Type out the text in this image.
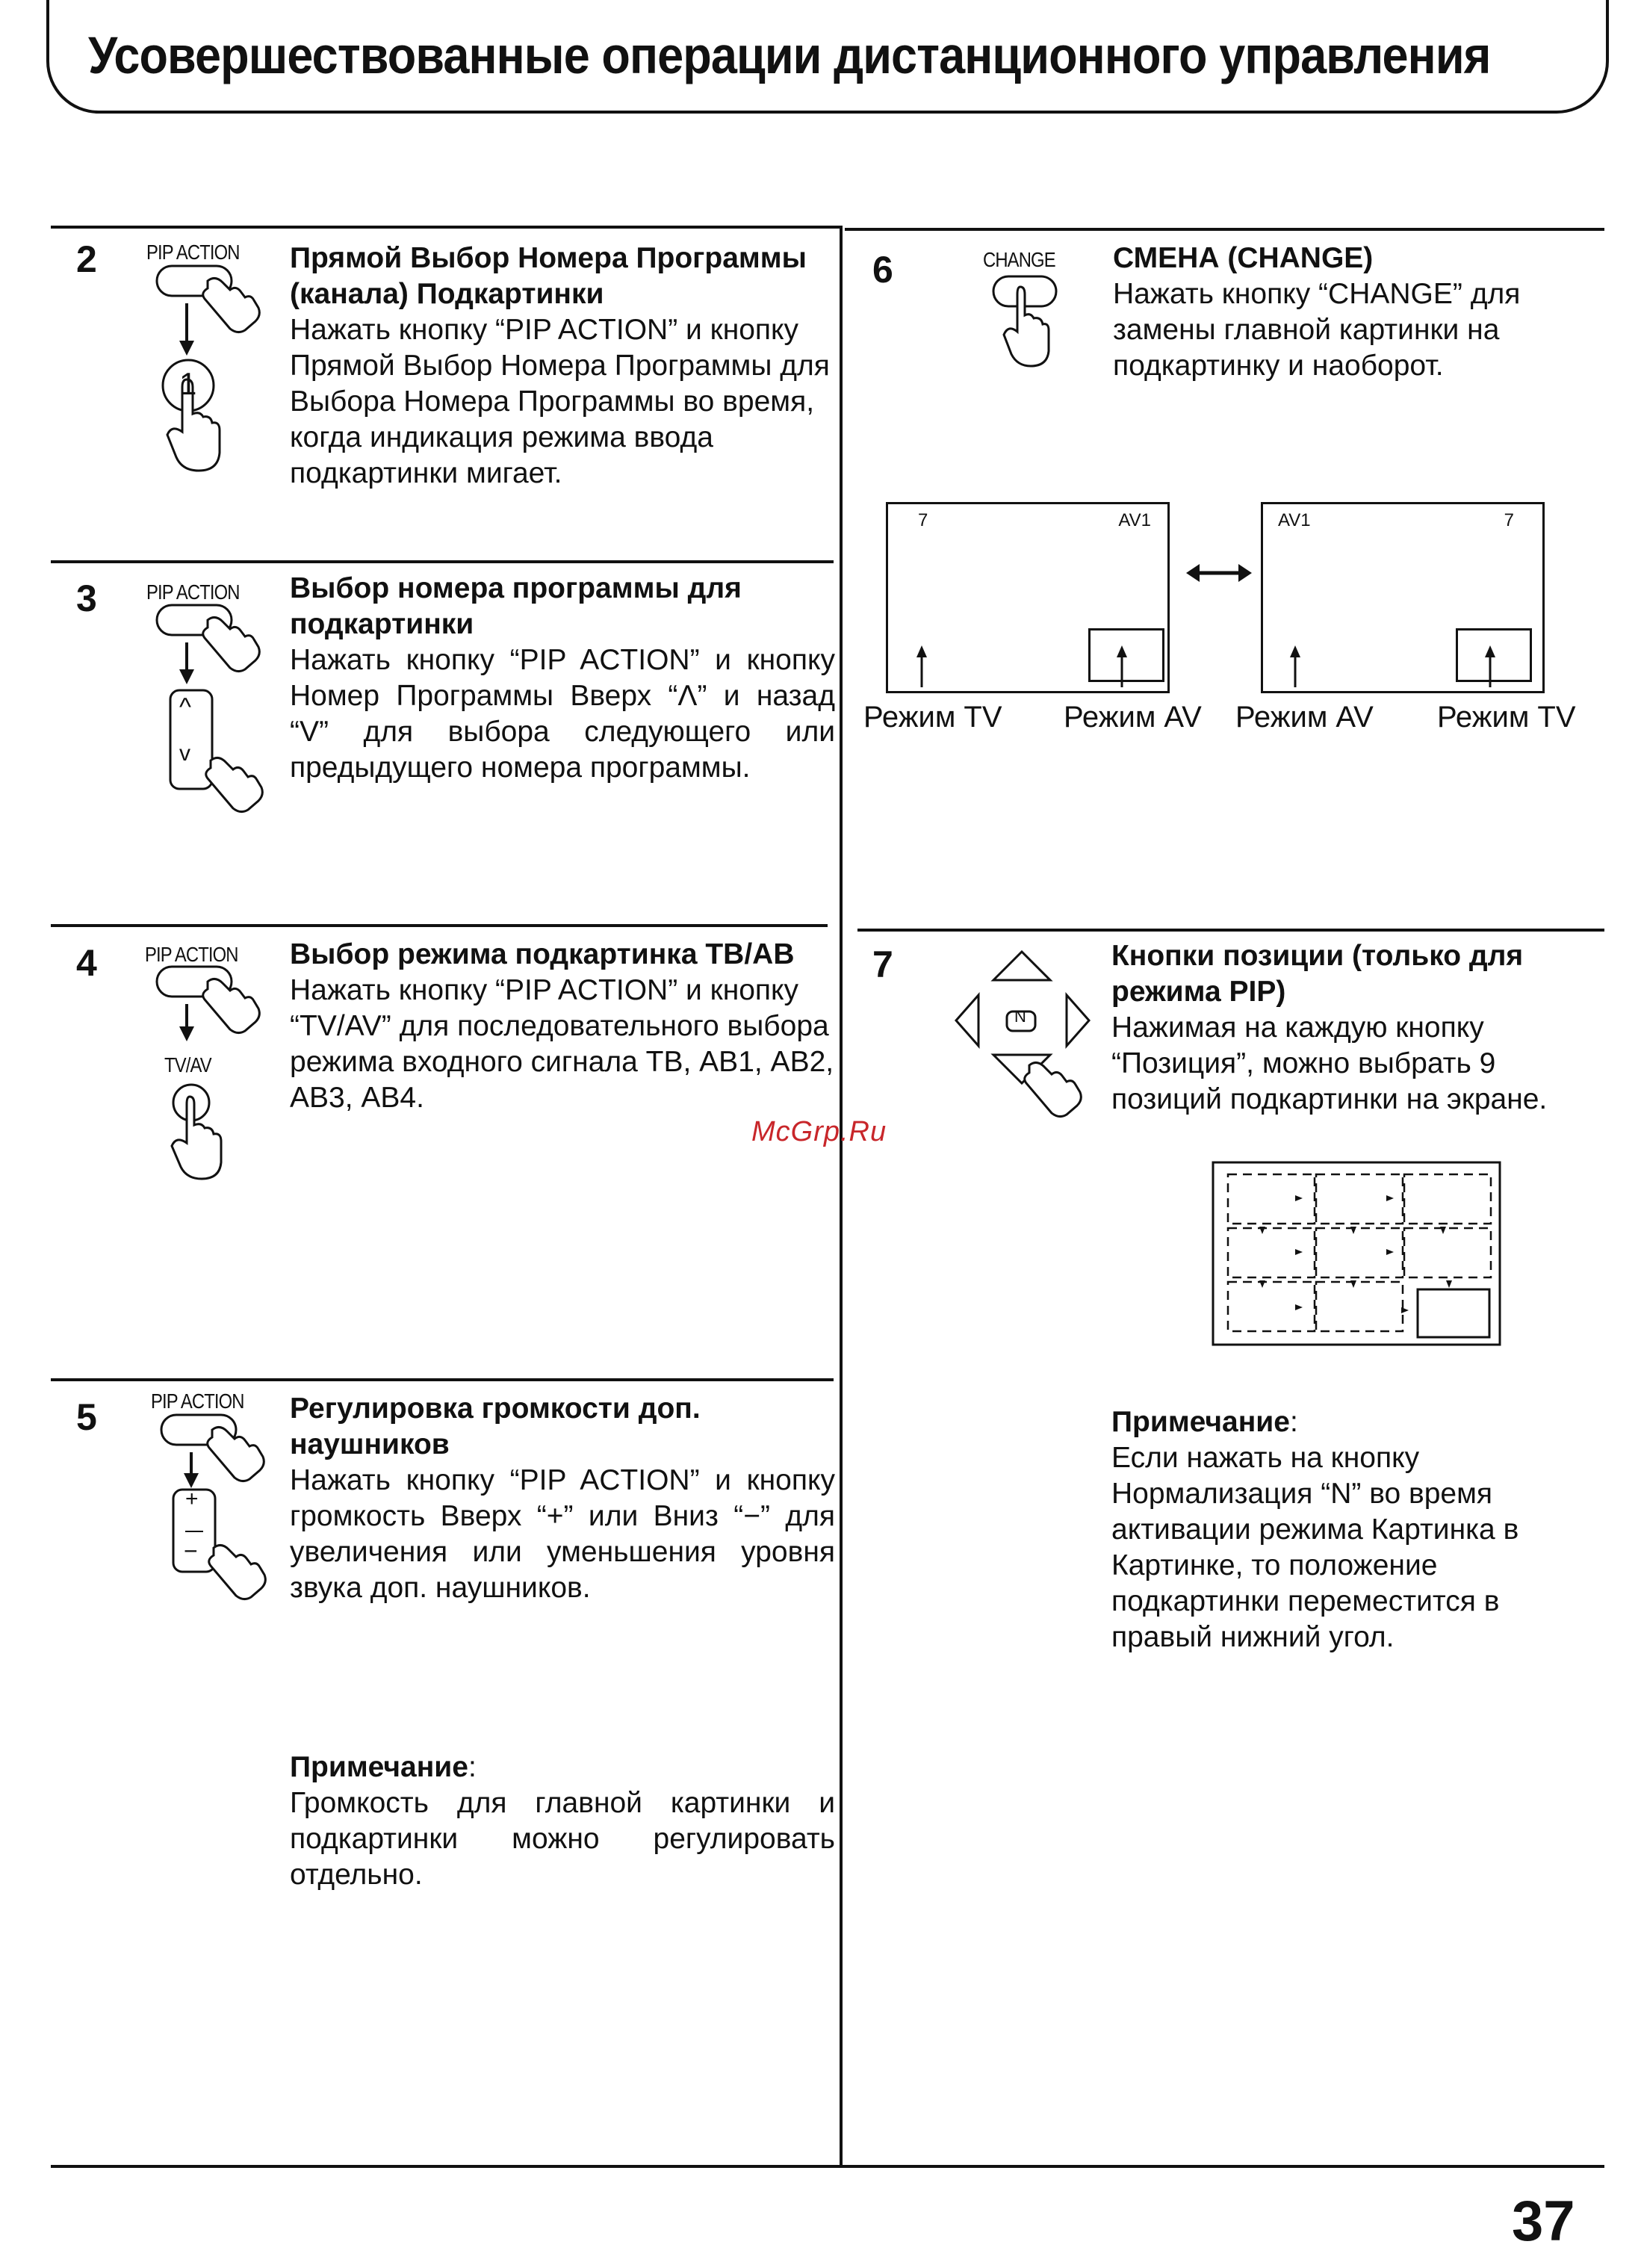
Усовершествованные операции дистанционного управления
2 PIP ACTION
1
Прямой Выбор Номера Программы (канала) Подкартинки
Нажать кнопку “PIP ACTION” и кнопку Прямой Выбор Номера Программы для Выбора Номера Программы во время, когда индикация режима ввода подкартинки мигает.
3 PIP ACTION
^
v
Выбор номера программы для подкартинки
Нажать кнопку “PIP ACTION” и кнопку Номер Программы Вверх “Λ” и назад “V” для выбора следующего или предыдущего номера программы.
4 PIP ACTION
TV/AV
Выбор режима подкартинка ТВ/АВ
Нажать кнопку “PIP ACTION” и кнопку “TV/AV” для последовательного выбора режима входного сигнала ТВ, АВ1, АВ2, АВ3, АВ4.
McGrp.Ru
5	PIP ACTION
+
−
Регулировка громкости доп. наушников
Нажать кнопку “PIP ACTION” и кнопку громкость Вверх “+” или Вниз “−” для увеличения или уменьшения уровня звука доп. наушников.
Примечание:
Громкость для главной картинки и подкартинки можно регулировать отдельно.
6	CHANGE СМЕНА (CHANGE)
Нажать кнопку “CHANGE” для замены главной картинки на подкартинку и наоборот.
7	AV1	AV1	7
Режим TV Режим AV Режим AV Режим TV
7
N
Кнопки позиции (только для режима PIP)
Нажимая на каждую кнопку “Позиция”, можно выбрать 9 позиций подкартинки на экране.
Примечание:
Если нажать на кнопку Нормализация “N” во время активации режима Картинка в Картинке, то положение подкартинки переместится в правый нижний угол.
37
